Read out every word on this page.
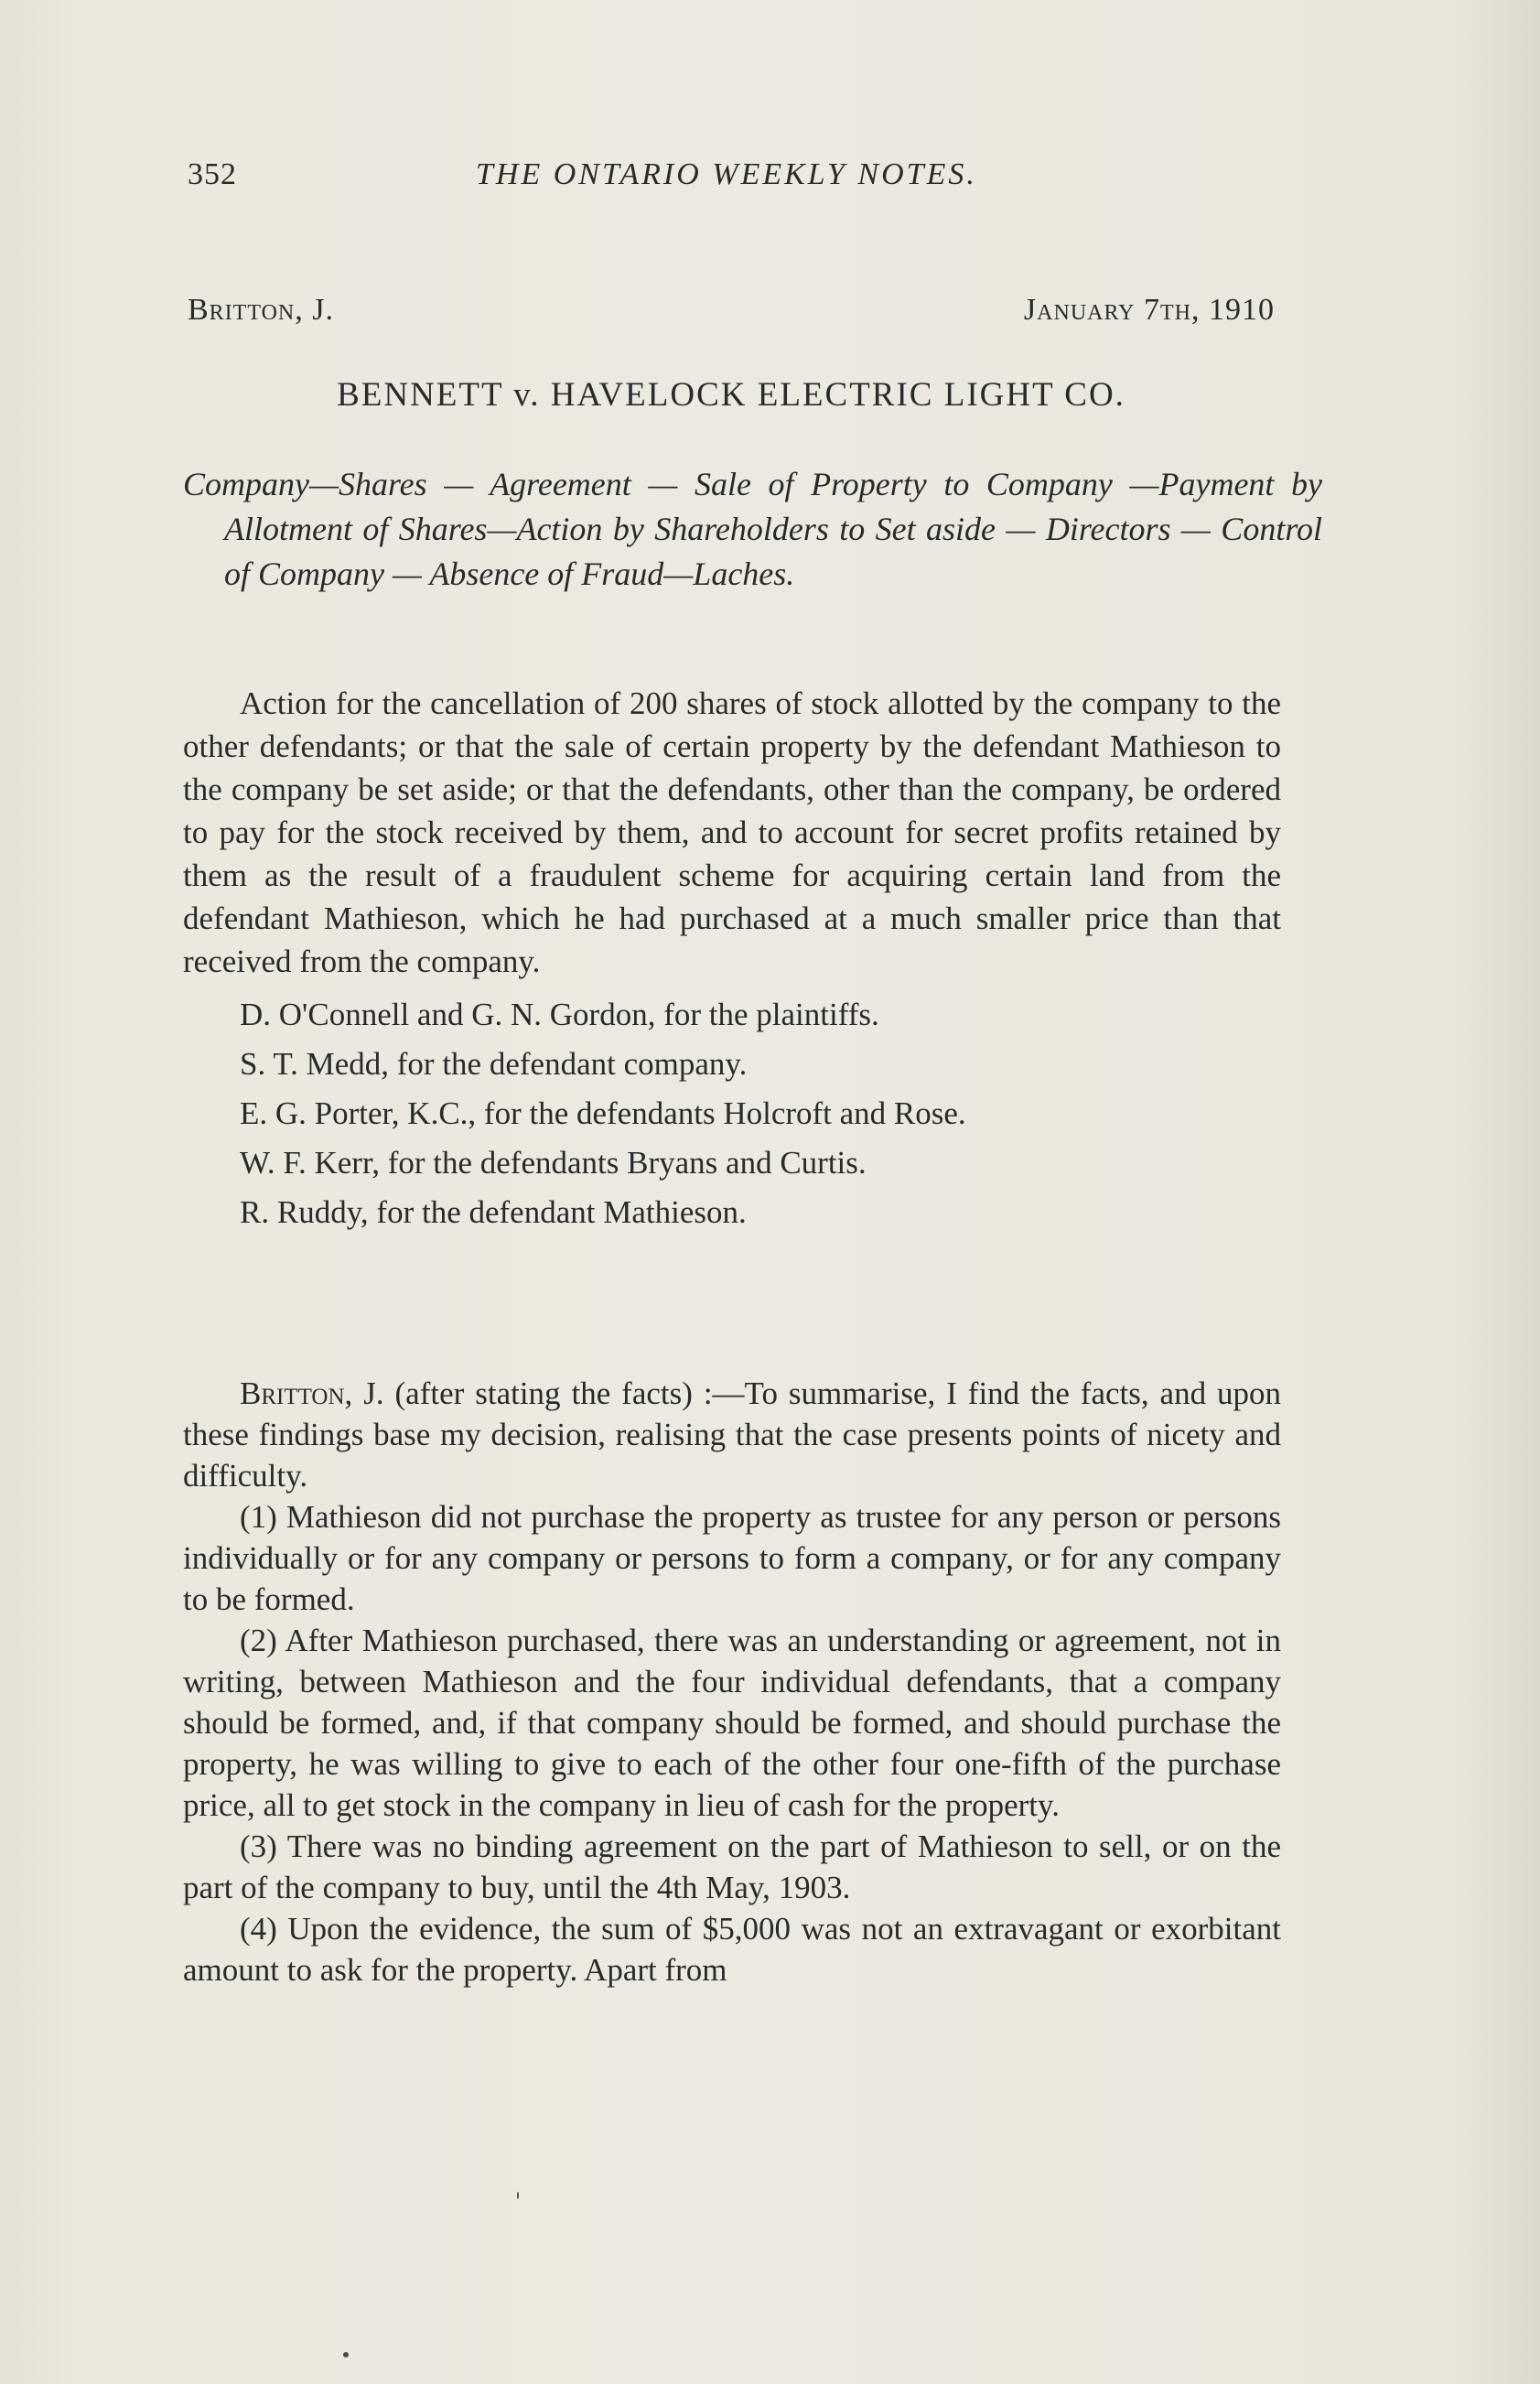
352	THE ONTARIO WEEKLY NOTES.
Britton, J.	January 7th, 1910
BENNETT v. HAVELOCK ELECTRIC LIGHT CO.
Company—Shares — Agreement — Sale of Property to Company —Payment by Allotment of Shares—Action by Shareholders to Set aside — Directors — Control of Company — Absence of Fraud—Laches.

Action for the cancellation of 200 shares of stock allotted by the company to the other defendants; or that the sale of certain property by the defendant Mathieson to the company be set aside; or that the defendants, other than the company, be ordered to pay for the stock received by them, and to account for secret profits retained by them as the result of a fraudulent scheme for acquiring certain land from the defendant Mathieson, which he had purchased at a much smaller price than that received from the company.

D. O'Connell and G. N. Gordon, for the plaintiffs.

S. T. Medd, for the defendant company.

E. G. Porter, K.C., for the defendants Holcroft and Rose.

W. F. Kerr, for the defendants Bryans and Curtis.

R. Ruddy, for the defendant Mathieson.

Britton, J. (after stating the facts) :—To summarise, I find the facts, and upon these findings base my decision, realising that the case presents points of nicety and difficulty.

(1) Mathieson did not purchase the property as trustee for any person or persons individually or for any company or persons to form a company, or for any company to be formed.

(2) After Mathieson purchased, there was an understanding or agreement, not in writing, between Mathieson and the four individual defendants, that a company should be formed, and, if that company should be formed, and should purchase the property, he was willing to give to each of the other four one-fifth of the purchase price, all to get stock in the company in lieu of cash for the property.

(3) There was no binding agreement on the part of Mathieson to sell, or on the part of the company to buy, until the 4th May, 1903.

(4) Upon the evidence, the sum of $5,000 was not an extravagant or exorbitant amount to ask for the property. Apart from
